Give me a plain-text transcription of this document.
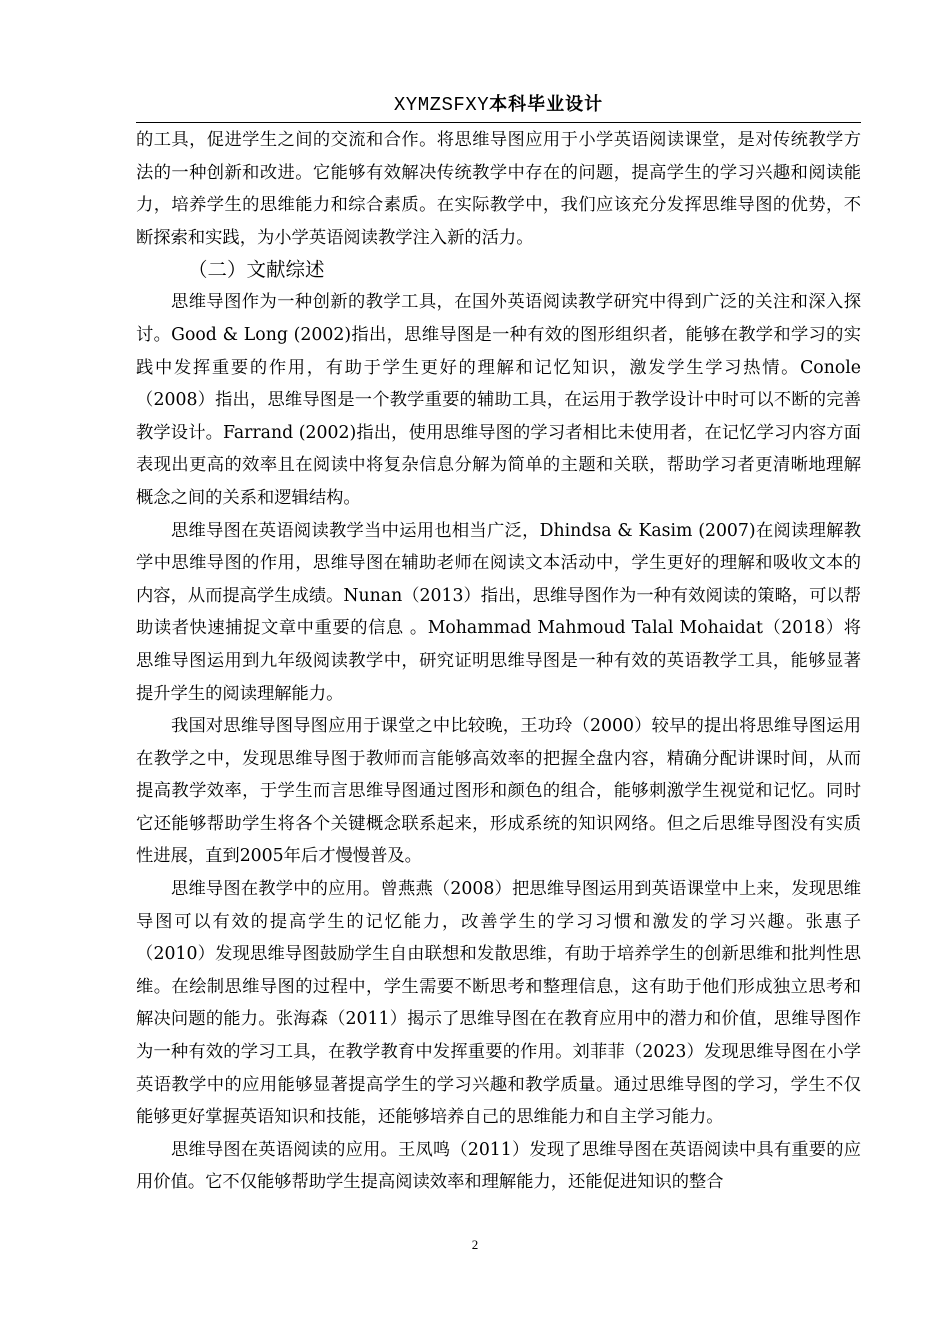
XYMZSFXY本科毕业设计

的工具，促进学生之间的交流和合作。将思维导图应用于小学英语阅读课堂，是对传统教学方法的一种创新和改进。它能够有效解决传统教学中存在的问题，提高学生的学习兴趣和阅读能力，培养学生的思维能力和综合素质。在实际教学中，我们应该充分发挥思维导图的优势，不断探索和实践，为小学英语阅读教学注入新的活力。

（二）文献综述

思维导图作为一种创新的教学工具，在国外英语阅读教学研究中得到广泛的关注和深入探讨。Good & Long (2002)指出，思维导图是一种有效的图形组织者，能够在教学和学习的实践中发挥重要的作用，有助于学生更好的理解和记忆知识，激发学生学习热情。Conole（2008）指出，思维导图是一个教学重要的辅助工具，在运用于教学设计中时可以不断的完善教学设计。Farrand (2002)指出，使用思维导图的学习者相比未使用者，在记忆学习内容方面表现出更高的效率且在阅读中将复杂信息分解为简单的主题和关联，帮助学习者更清晰地理解概念之间的关系和逻辑结构。

思维导图在英语阅读教学当中运用也相当广泛，Dhindsa & Kasim (2007)在阅读理解教学中思维导图的作用，思维导图在辅助老师在阅读文本活动中，学生更好的理解和吸收文本的内容，从而提高学生成绩。Nunan（2013）指出，思维导图作为一种有效阅读的策略，可以帮助读者快速捕捉文章中重要的信息 。Mohammad Mahmoud Talal Mohaidat（2018）将思维导图运用到九年级阅读教学中，研究证明思维导图是一种有效的英语教学工具，能够显著提升学生的阅读理解能力。

我国对思维导图导图应用于课堂之中比较晚，王功玲（2000）较早的提出将思维导图运用在教学之中，发现思维导图于教师而言能够高效率的把握全盘内容，精确分配讲课时间，从而提高教学效率，于学生而言思维导图通过图形和颜色的组合，能够刺激学生视觉和记忆。同时它还能够帮助学生将各个关键概念联系起来，形成系统的知识网络。但之后思维导图没有实质性进展，直到2005年后才慢慢普及。

思维导图在教学中的应用。曾燕燕（2008）把思维导图运用到英语课堂中上来，发现思维导图可以有效的提高学生的记忆能力，改善学生的学习习惯和激发的学习兴趣。张惠子（2010）发现思维导图鼓励学生自由联想和发散思维，有助于培养学生的创新思维和批判性思维。在绘制思维导图的过程中，学生需要不断思考和整理信息，这有助于他们形成独立思考和解决问题的能力。张海森（2011）揭示了思维导图在在教育应用中的潜力和价值，思维导图作为一种有效的学习工具，在教学教育中发挥重要的作用。刘菲菲（2023）发现思维导图在小学英语教学中的应用能够显著提高学生的学习兴趣和教学质量。通过思维导图的学习，学生不仅能够更好掌握英语知识和技能，还能够培养自己的思维能力和自主学习能力。

思维导图在英语阅读的应用。王凤鸣（2011）发现了思维导图在英语阅读中具有重要的应用价值。它不仅能够帮助学生提高阅读效率和理解能力，还能促进知识的整合

2
